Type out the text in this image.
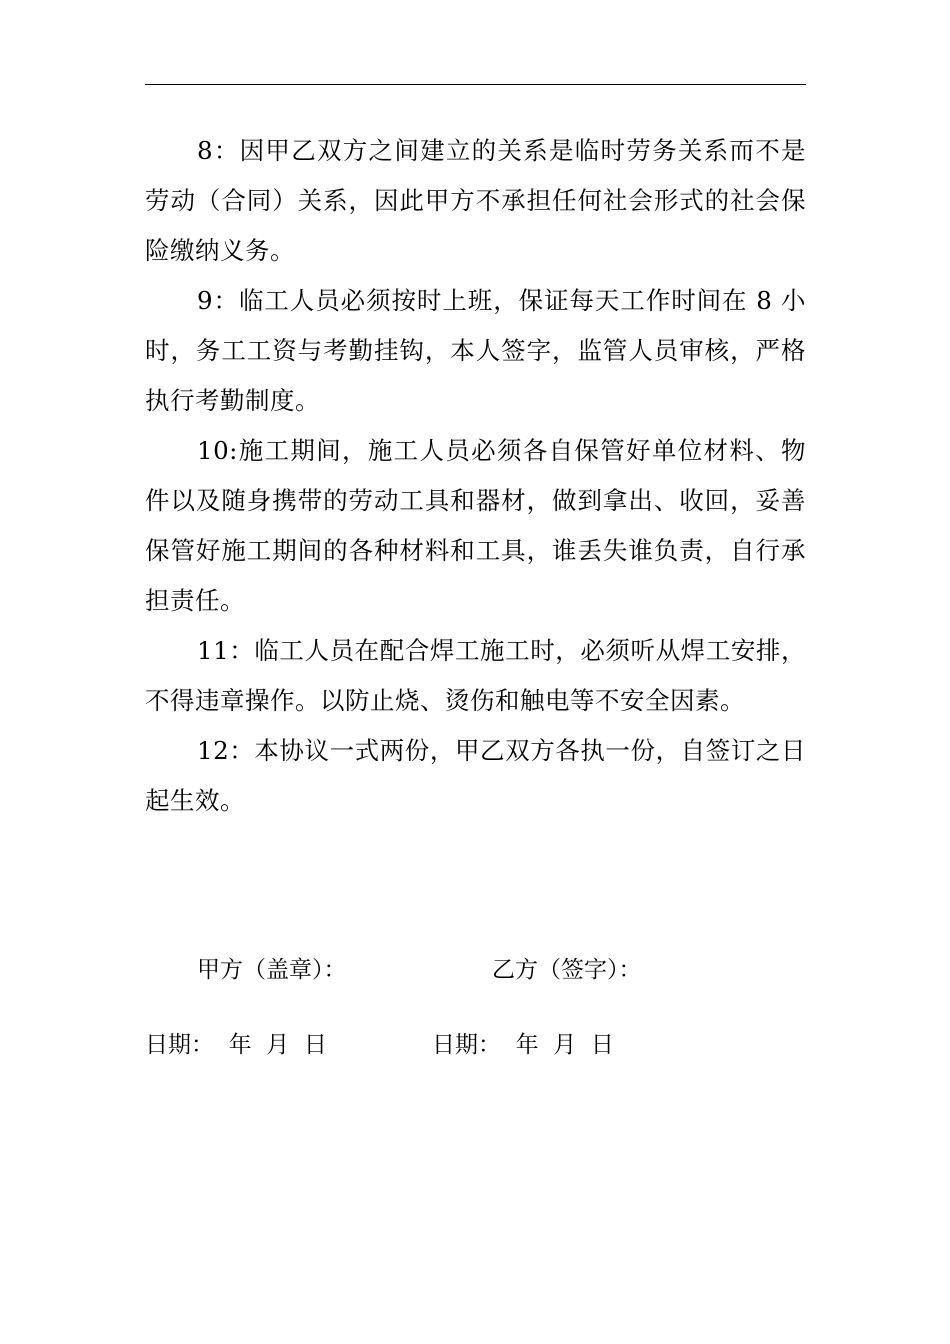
8：因甲乙双方之间建立的关系是临时劳务关系而不是劳动（合同）关系，因此甲方不承担任何社会形式的社会保险缴纳义务。

9：临工人员必须按时上班，保证每天工作时间在 8 小时，务工工资与考勤挂钩，本人签字，监管人员审核，严格执行考勤制度。

10:施工期间，施工人员必须各自保管好单位材料、物件以及随身携带的劳动工具和器材，做到拿出、收回，妥善保管好施工期间的各种材料和工具，谁丢失谁负责，自行承担责任。

11：临工人员在配合焊工施工时，必须听从焊工安排，不得违章操作。以防止烧、烫伤和触电等不安全因素。

12：本协议一式两份，甲乙双方各执一份，自签订之日起生效。

甲方（盖章）：	乙方（签字）：
日期：  年  月  日	日期：  年  月  日
